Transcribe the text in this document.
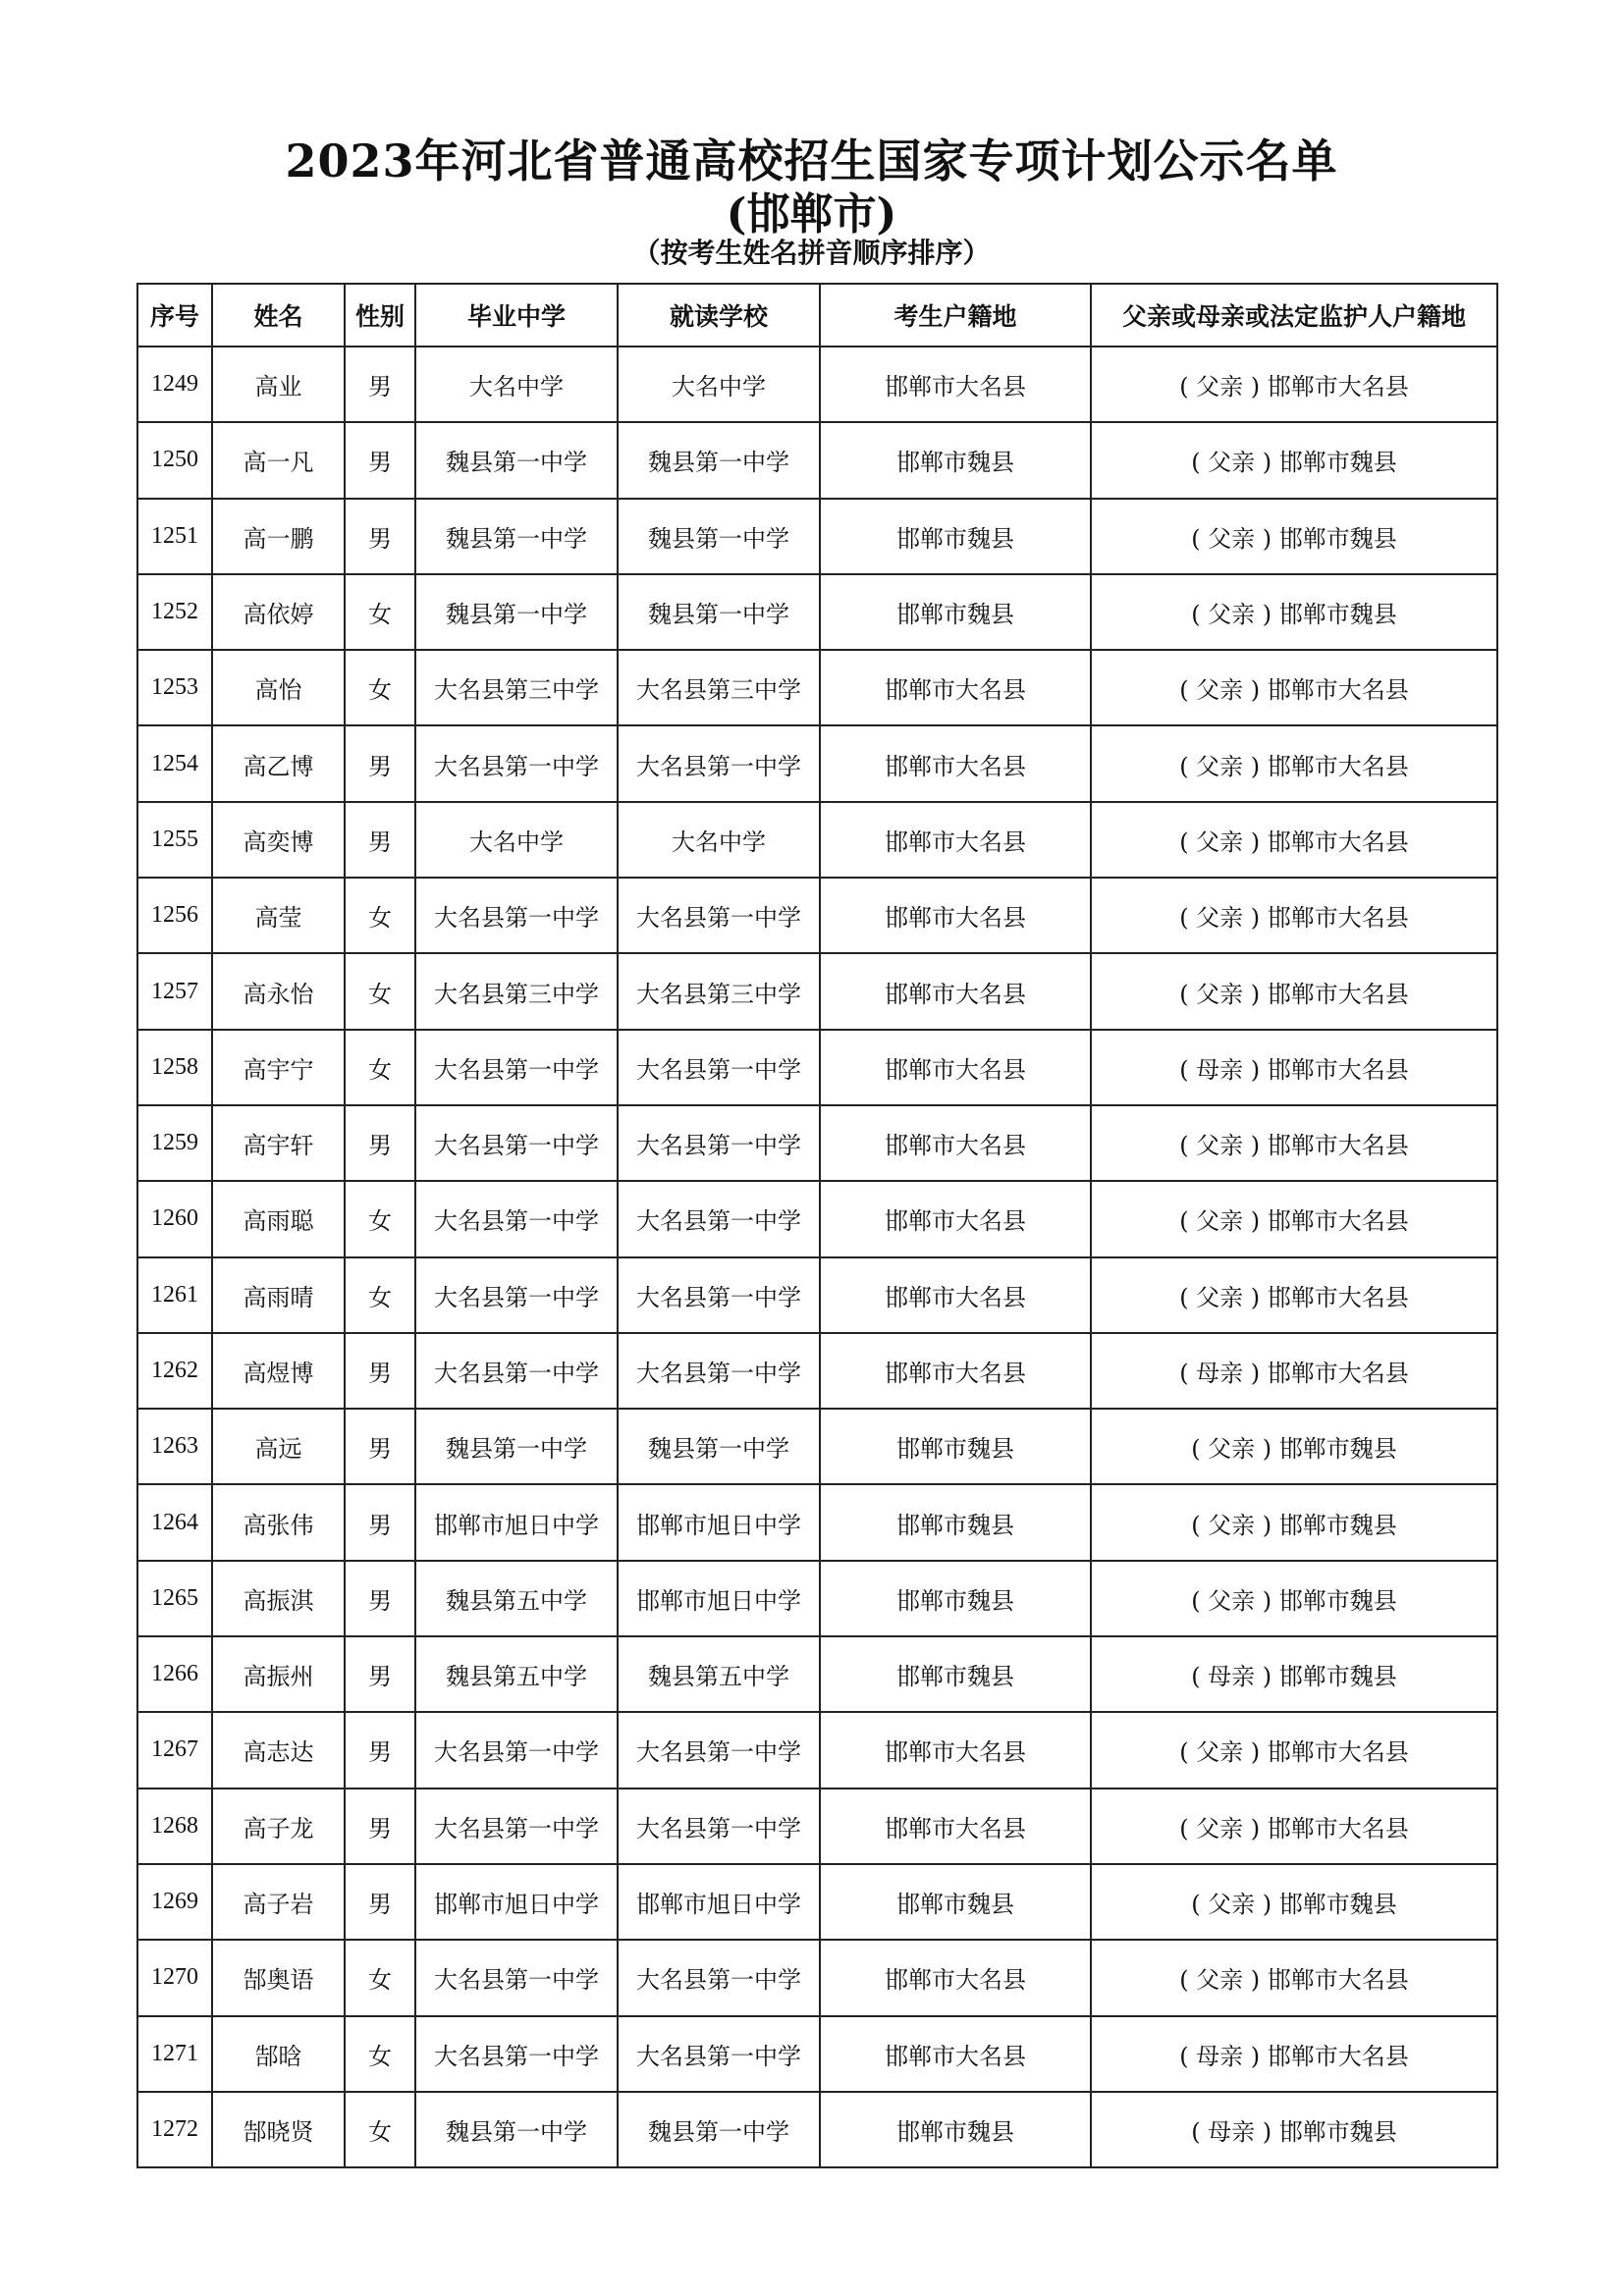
2023年河北省普通高校招生国家专项计划公示名单
(邯郸市)
（按考生姓名拼音顺序排序）
序号	姓名	性别	毕业中学	就读学校	考生户籍地	父亲或母亲或法定监护人户籍地
1249	高业	男	大名中学	大名中学	邯郸市大名县	( 父亲 ) 邯郸市大名县
1250	高一凡	男	魏县第一中学	魏县第一中学	邯郸市魏县	( 父亲 ) 邯郸市魏县
1251	高一鹏	男	魏县第一中学	魏县第一中学	邯郸市魏县	( 父亲 ) 邯郸市魏县
1252	高依婷	女	魏县第一中学	魏县第一中学	邯郸市魏县	( 父亲 ) 邯郸市魏县
1253	高怡	女	大名县第三中学	大名县第三中学	邯郸市大名县	( 父亲 ) 邯郸市大名县
1254	高乙博	男	大名县第一中学	大名县第一中学	邯郸市大名县	( 父亲 ) 邯郸市大名县
1255	高奕博	男	大名中学	大名中学	邯郸市大名县	( 父亲 ) 邯郸市大名县
1256	高莹	女	大名县第一中学	大名县第一中学	邯郸市大名县	( 父亲 ) 邯郸市大名县
1257	高永怡	女	大名县第三中学	大名县第三中学	邯郸市大名县	( 父亲 ) 邯郸市大名县
1258	高宇宁	女	大名县第一中学	大名县第一中学	邯郸市大名县	( 母亲 ) 邯郸市大名县
1259	高宇轩	男	大名县第一中学	大名县第一中学	邯郸市大名县	( 父亲 ) 邯郸市大名县
1260	高雨聪	女	大名县第一中学	大名县第一中学	邯郸市大名县	( 父亲 ) 邯郸市大名县
1261	高雨晴	女	大名县第一中学	大名县第一中学	邯郸市大名县	( 父亲 ) 邯郸市大名县
1262	高煜博	男	大名县第一中学	大名县第一中学	邯郸市大名县	( 母亲 ) 邯郸市大名县
1263	高远	男	魏县第一中学	魏县第一中学	邯郸市魏县	( 父亲 ) 邯郸市魏县
1264	高张伟	男	邯郸市旭日中学	邯郸市旭日中学	邯郸市魏县	( 父亲 ) 邯郸市魏县
1265	高振淇	男	魏县第五中学	邯郸市旭日中学	邯郸市魏县	( 父亲 ) 邯郸市魏县
1266	高振州	男	魏县第五中学	魏县第五中学	邯郸市魏县	( 母亲 ) 邯郸市魏县
1267	高志达	男	大名县第一中学	大名县第一中学	邯郸市大名县	( 父亲 ) 邯郸市大名县
1268	高子龙	男	大名县第一中学	大名县第一中学	邯郸市大名县	( 父亲 ) 邯郸市大名县
1269	高子岩	男	邯郸市旭日中学	邯郸市旭日中学	邯郸市魏县	( 父亲 ) 邯郸市魏县
1270	郜奥语	女	大名县第一中学	大名县第一中学	邯郸市大名县	( 父亲 ) 邯郸市大名县
1271	郜晗	女	大名县第一中学	大名县第一中学	邯郸市大名县	( 母亲 ) 邯郸市大名县
1272	郜晓贤	女	魏县第一中学	魏县第一中学	邯郸市魏县	( 母亲 ) 邯郸市魏县
